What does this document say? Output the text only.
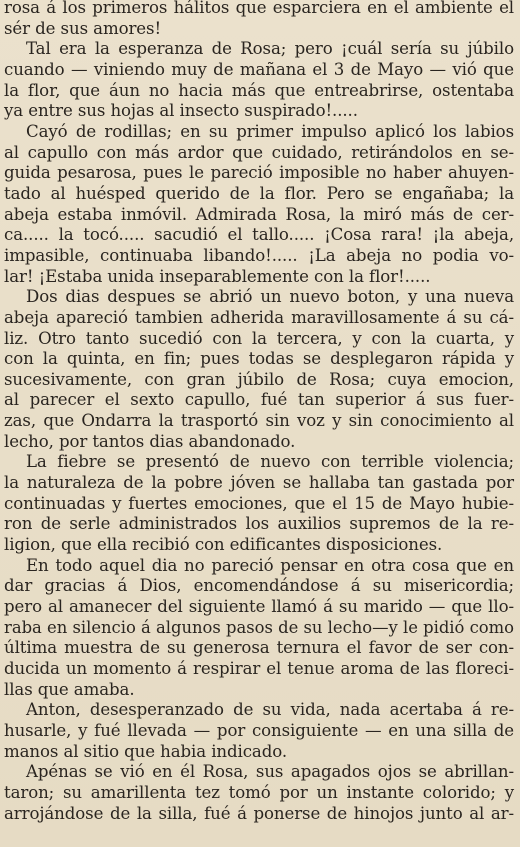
rosa á los primeros hálitos que esparciera en el ambiente el
sér de sus amores!

Tal era la esperanza de Rosa; pero ¡cuál sería su júbilo
cuando — viniendo muy de mañana el 3 de Mayo — vió que
la flor, que áun no hacia más que entreabrirse, ostentaba
ya entre sus hojas al insecto suspirado!.....

Cayó de rodillas; en su primer impulso aplicó los labios
al capullo con más ardor que cuidado, retirándolos en se-
guida pesarosa, pues le pareció imposible no haber ahuyen-
tado al huésped querido de la flor. Pero se engañaba; la
abeja estaba inmóvil. Admirada Rosa, la miró más de cer-
ca..... la tocó..... sacudió el tallo..... ¡Cosa rara! ¡la abeja,
impasible, continuaba libando!..... ¡La abeja no podia vo-
lar! ¡Estaba unida inseparablemente con la flor!.....

Dos dias despues se abrió un nuevo boton, y una nueva
abeja apareció tambien adherida maravillosamente á su cá-
liz. Otro tanto sucedió con la tercera, y con la cuarta, y
con la quinta, en fin; pues todas se desplegaron rápida y
sucesivamente, con gran júbilo de Rosa; cuya emocion,
al parecer el sexto capullo, fué tan superior á sus fuer-
zas, que Ondarra la trasportó sin voz y sin conocimiento al
lecho, por tantos dias abandonado.

La fiebre se presentó de nuevo con terrible violencia;
la naturaleza de la pobre jóven se hallaba tan gastada por
continuadas y fuertes emociones, que el 15 de Mayo hubie-
ron de serle administrados los auxilios supremos de la re-
ligion, que ella recibió con edificantes disposiciones.

En todo aquel dia no pareció pensar en otra cosa que en
dar gracias á Dios, encomendándose á su misericordia;
pero al amanecer del siguiente llamó á su marido — que llo-
raba en silencio á algunos pasos de su lecho—y le pidió como
última muestra de su generosa ternura el favor de ser con-
ducida un momento á respirar el tenue aroma de las floreci-
llas que amaba.

Anton, desesperanzado de su vida, nada acertaba á re-
husarle, y fué llevada — por consiguiente — en una silla de
manos al sitio que habia indicado.

Apénas se vió en él Rosa, sus apagados ojos se abrillan-
taron; su amarillenta tez tomó por un instante colorido; y
arrojándose de la silla, fué á ponerse de hinojos junto al ar-
